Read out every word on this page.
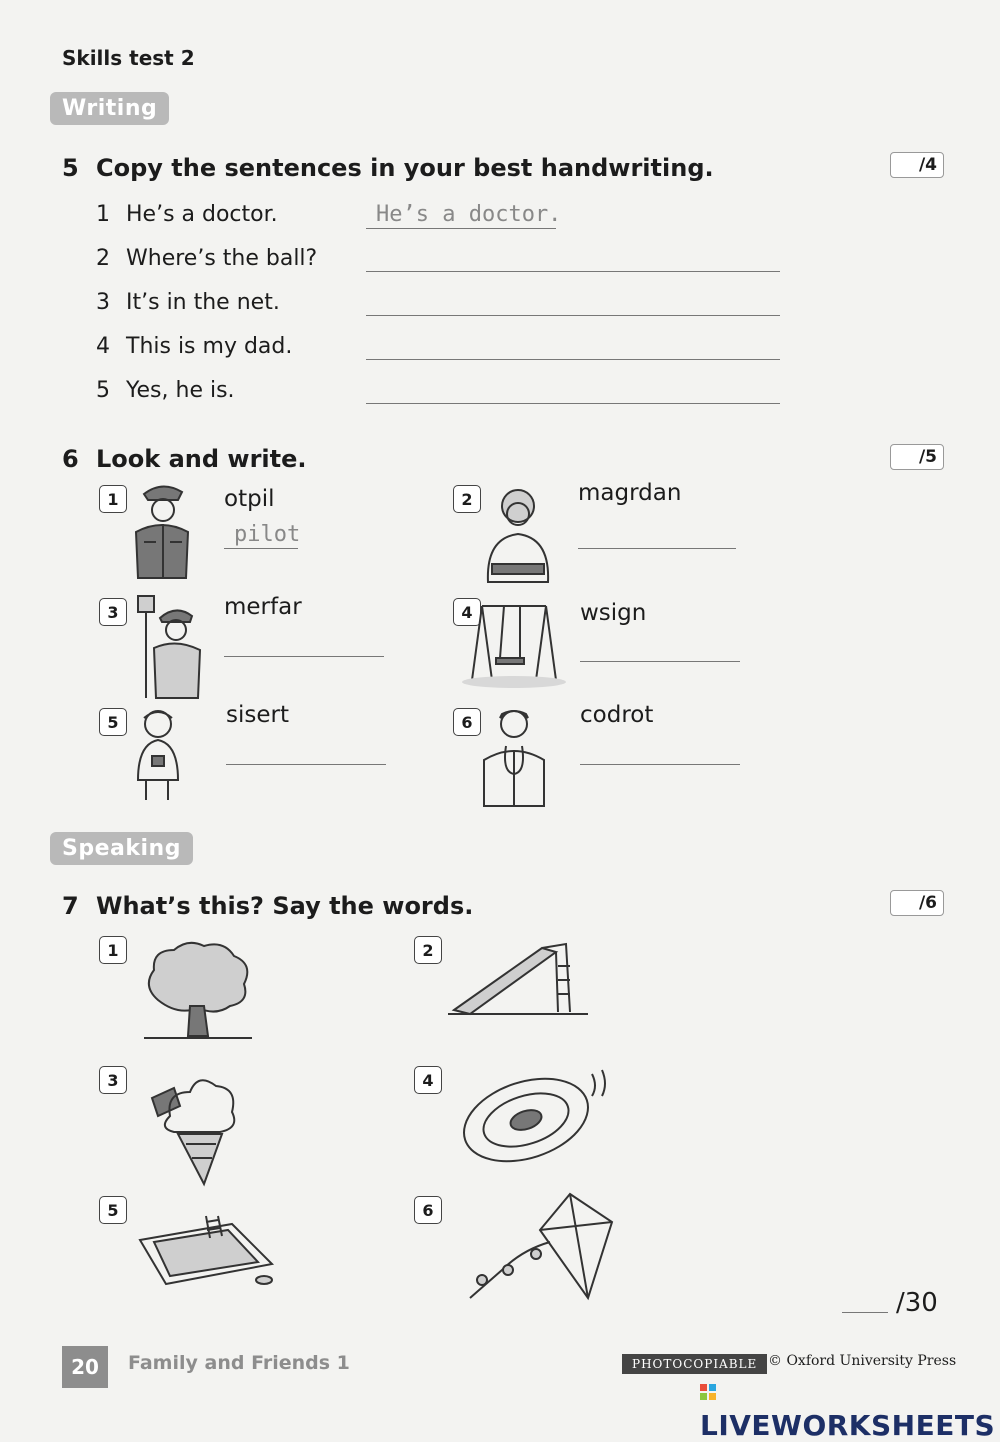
Skills test 2
Writing
5 Copy the sentences in your best handwriting.	/4
1 He’s a doctor.	He’s a doctor.
2 Where’s the ball?
3 It’s in the net.
4 This is my dad.
5 Yes, he is.
6 Look and write.	/5
1	otpil
pilot
2	magrdan
3	merfar	4	wsign
5	sisert	6	codrot
Speaking
7 What’s this? Say the words.	/6
1	2
3	4
5	6
/30
20	Family and Friends 1	PHOTOCOPIABLE © Oxford University Press
LIVEWORKSHEETS
